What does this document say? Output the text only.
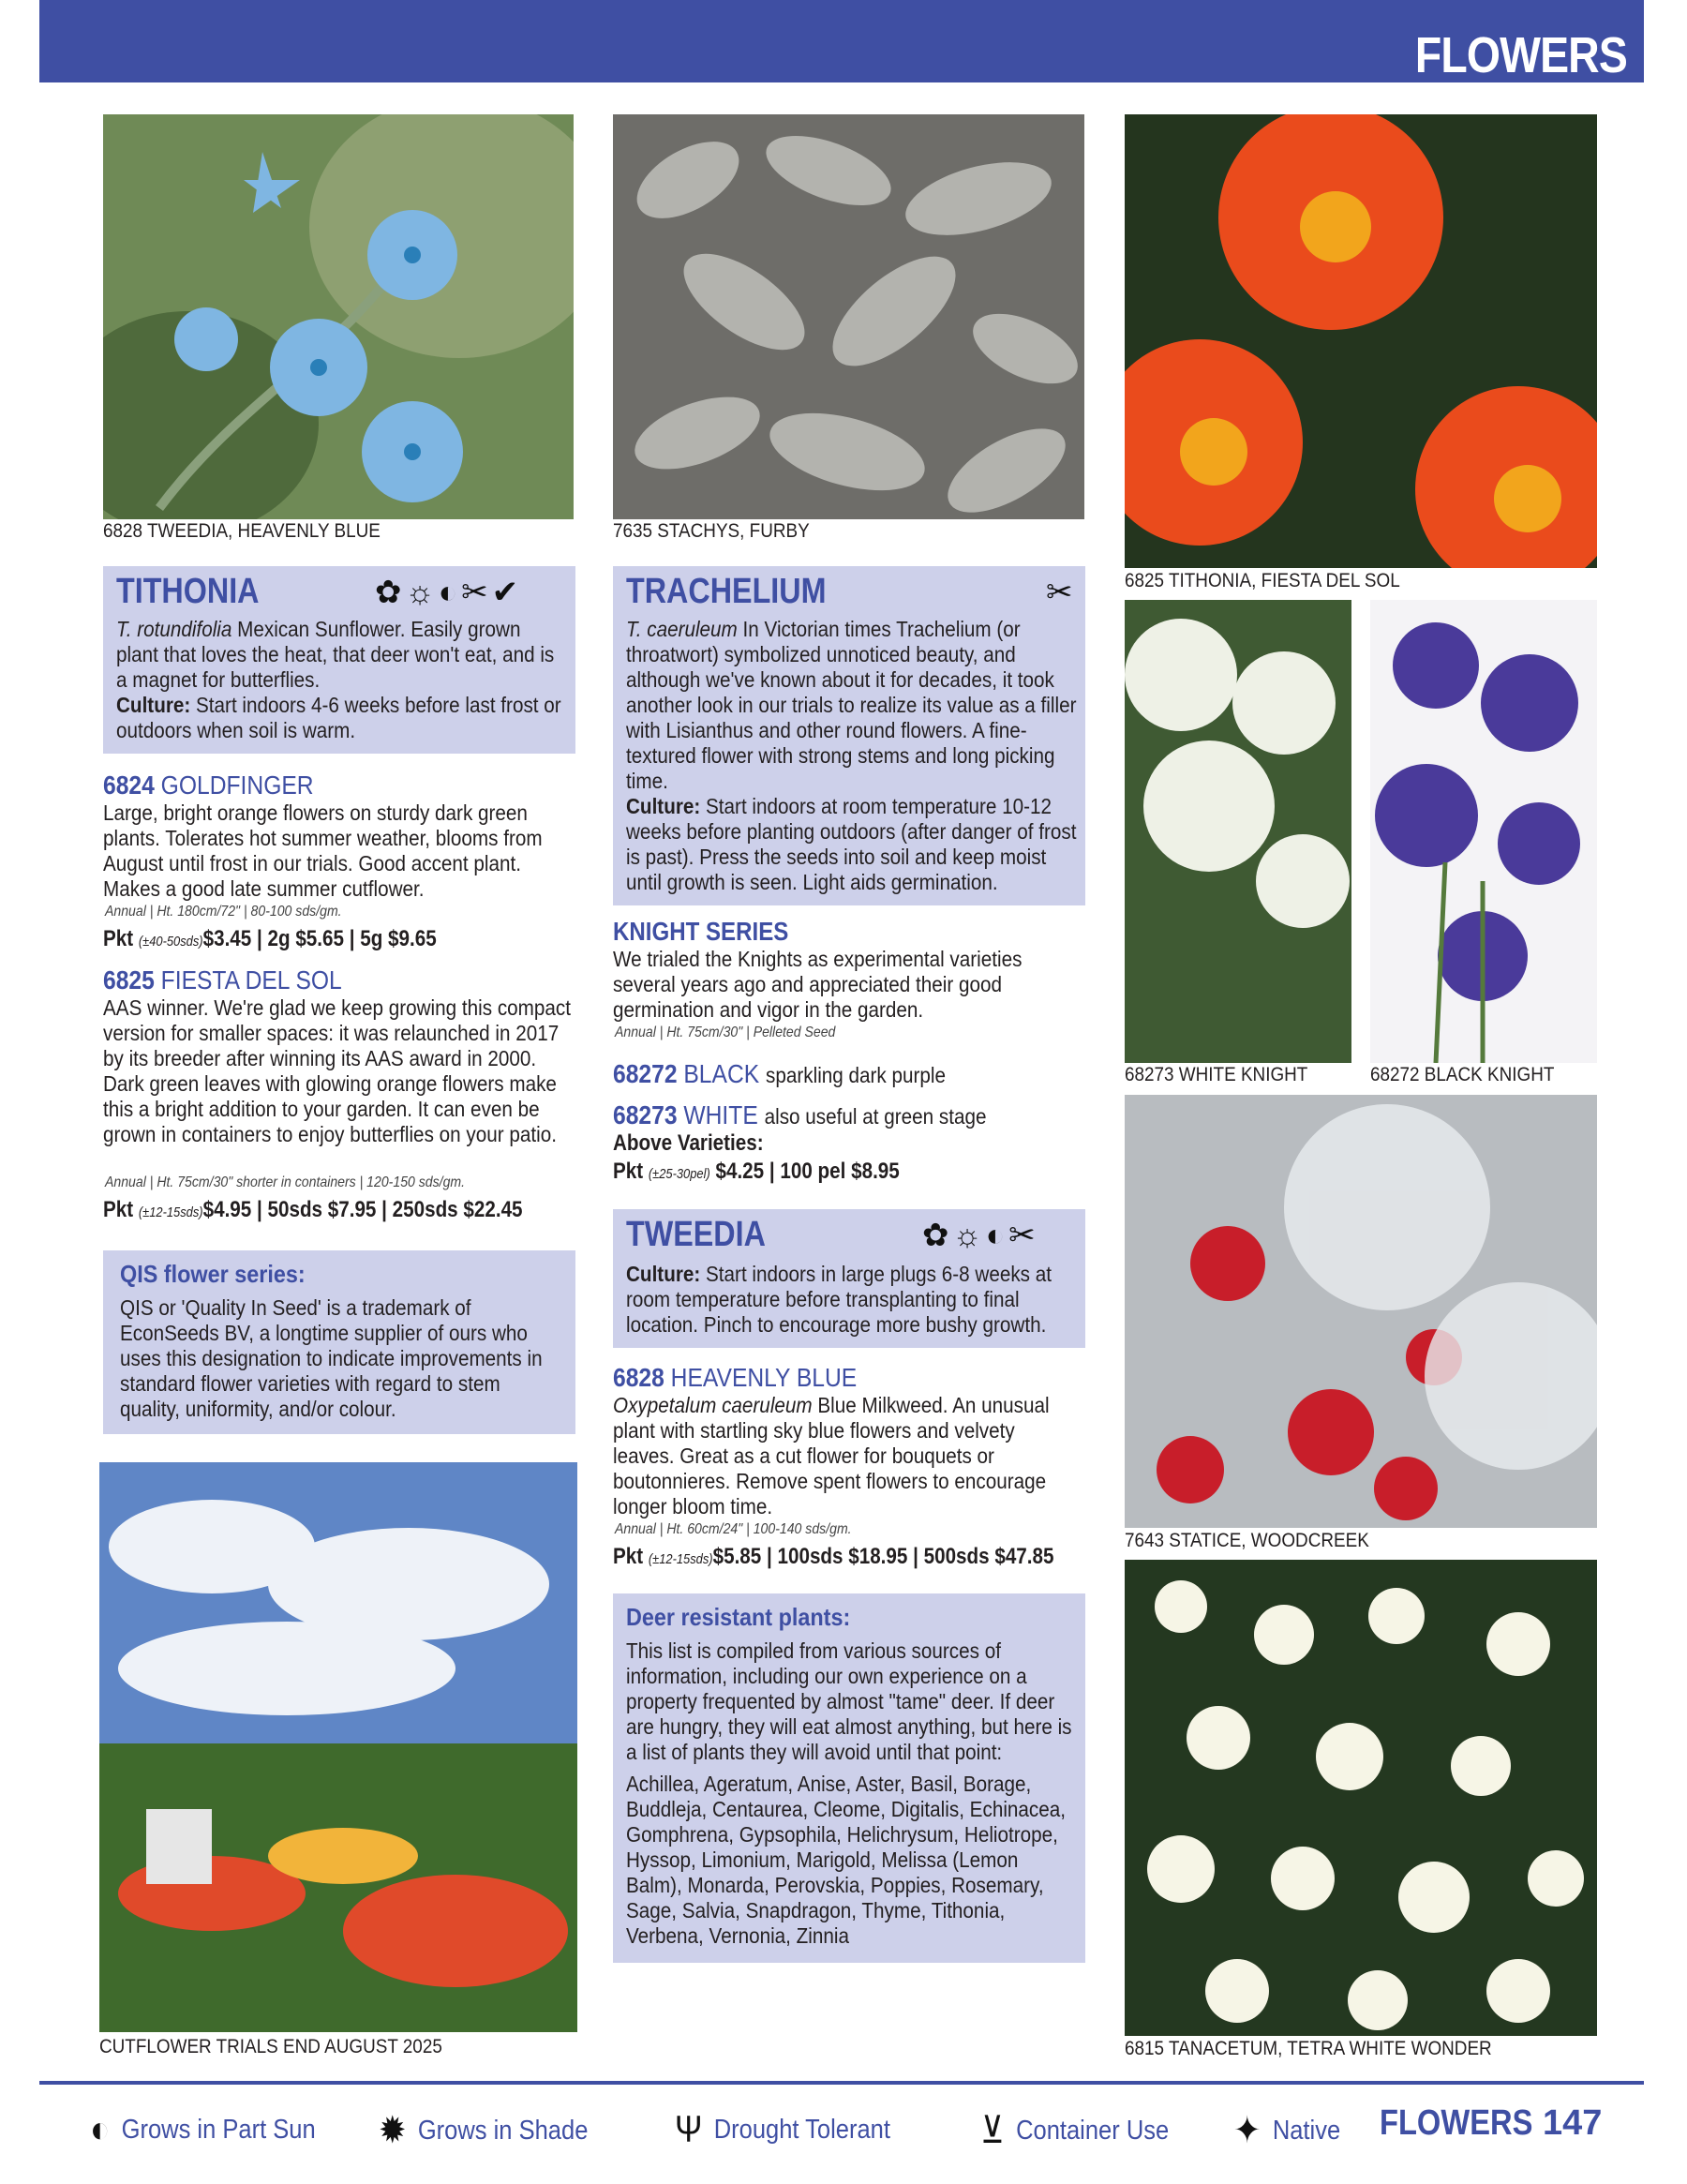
FLOWERS
6828 TWEEDIA, HEAVENLY BLUE	7635 STACHYS, FURBY
6825 TITHONIA, FIESTA DEL SOL
68273 WHITE KNIGHT	68272 BLACK KNIGHT
7643 STATICE, WOODCREEK
6815 TANACETUM, TETRA WHITE WONDER
CUTFLOWER TRIALS END AUGUST 2025
TITHONIA	✿☼◐✂✔
T. rotundifolia Mexican Sunflower. Easily grown plant that loves the heat, that deer won't eat, and is a magnet for butterflies.
Culture: Start indoors 4-6 weeks before last frost or outdoors when soil is warm.
6824 GOLDFINGER
Large, bright orange flowers on sturdy dark green plants. Tolerates hot summer weather, blooms from August until frost in our trials. Good accent plant. Makes a good late summer cutflower.
Annual | Ht. 180cm/72" | 80-100 sds/gm.
Pkt (±40-50sds)$3.45 | 2g $5.65 | 5g $9.65
6825 FIESTA DEL SOL
AAS winner. We're glad we keep growing this compact version for smaller spaces: it was relaunched in 2017 by its breeder after winning its AAS award in 2000. Dark green leaves with glowing orange flowers make this a bright addition to your garden. It can even be grown in containers to enjoy butterflies on your patio.
Annual | Ht. 75cm/30" shorter in containers | 120-150 sds/gm.
Pkt (±12-15sds)$4.95 | 50sds $7.95 | 250sds $22.45
QIS flower series:
QIS or 'Quality In Seed' is a trademark of EconSeeds BV, a longtime supplier of ours who uses this designation to indicate improvements in standard flower varieties with regard to stem quality, uniformity, and/or colour.
TRACHELIUM	✂
T. caeruleum In Victorian times Trachelium (or throatwort) symbolized unnoticed beauty, and although we've known about it for decades, it took another look in our trials to realize its value as a filler with Lisianthus and other round flowers. A fine-textured flower with strong stems and long picking time.
Culture: Start indoors at room temperature 10-12 weeks before planting outdoors (after danger of frost is past). Press the seeds into soil and keep moist until growth is seen. Light aids germination.
KNIGHT SERIES
We trialed the Knights as experimental varieties several years ago and appreciated their good germination and vigor in the garden.
Annual | Ht. 75cm/30" | Pelleted Seed
68272 BLACK sparkling dark purple
68273 WHITE also useful at green stage
Above Varieties:
Pkt (±25-30pel) $4.25 | 100 pel $8.95
TWEEDIA	✿☼◐✂
Culture: Start indoors in large plugs 6-8 weeks at room temperature before transplanting to final location. Pinch to encourage more bushy growth.
6828 HEAVENLY BLUE
Oxypetalum caeruleum Blue Milkweed. An unusual plant with startling sky blue flowers and velvety leaves. Great as a cut flower for bouquets or boutonnieres. Remove spent flowers to encourage longer bloom time.
Annual | Ht. 60cm/24" | 100-140 sds/gm.
Pkt (±12-15sds)$5.85 | 100sds $18.95 | 500sds $47.85
Deer resistant plants:
This list is compiled from various sources of information, including our own experience on a property frequented by almost "tame" deer. If deer are hungry, they will eat almost anything, but here is a list of plants they will avoid until that point:
Achillea, Ageratum, Anise, Aster, Basil, Borage, Buddleja, Centaurea, Cleome, Digitalis, Echinacea, Gomphrena, Gypsophila, Helichrysum, Heliotrope, Hyssop, Limonium, Marigold, Melissa (Lemon Balm), Monarda, Perovskia, Poppies, Rosemary, Sage, Salvia, Snapdragon, Thyme, Tithonia, Verbena, Vernonia, Zinnia
◐ Grows in Part Sun ✹ Grows in Shade Ψ Drought Tolerant ⊻ Container Use ✦ Native FLOWERS 147
